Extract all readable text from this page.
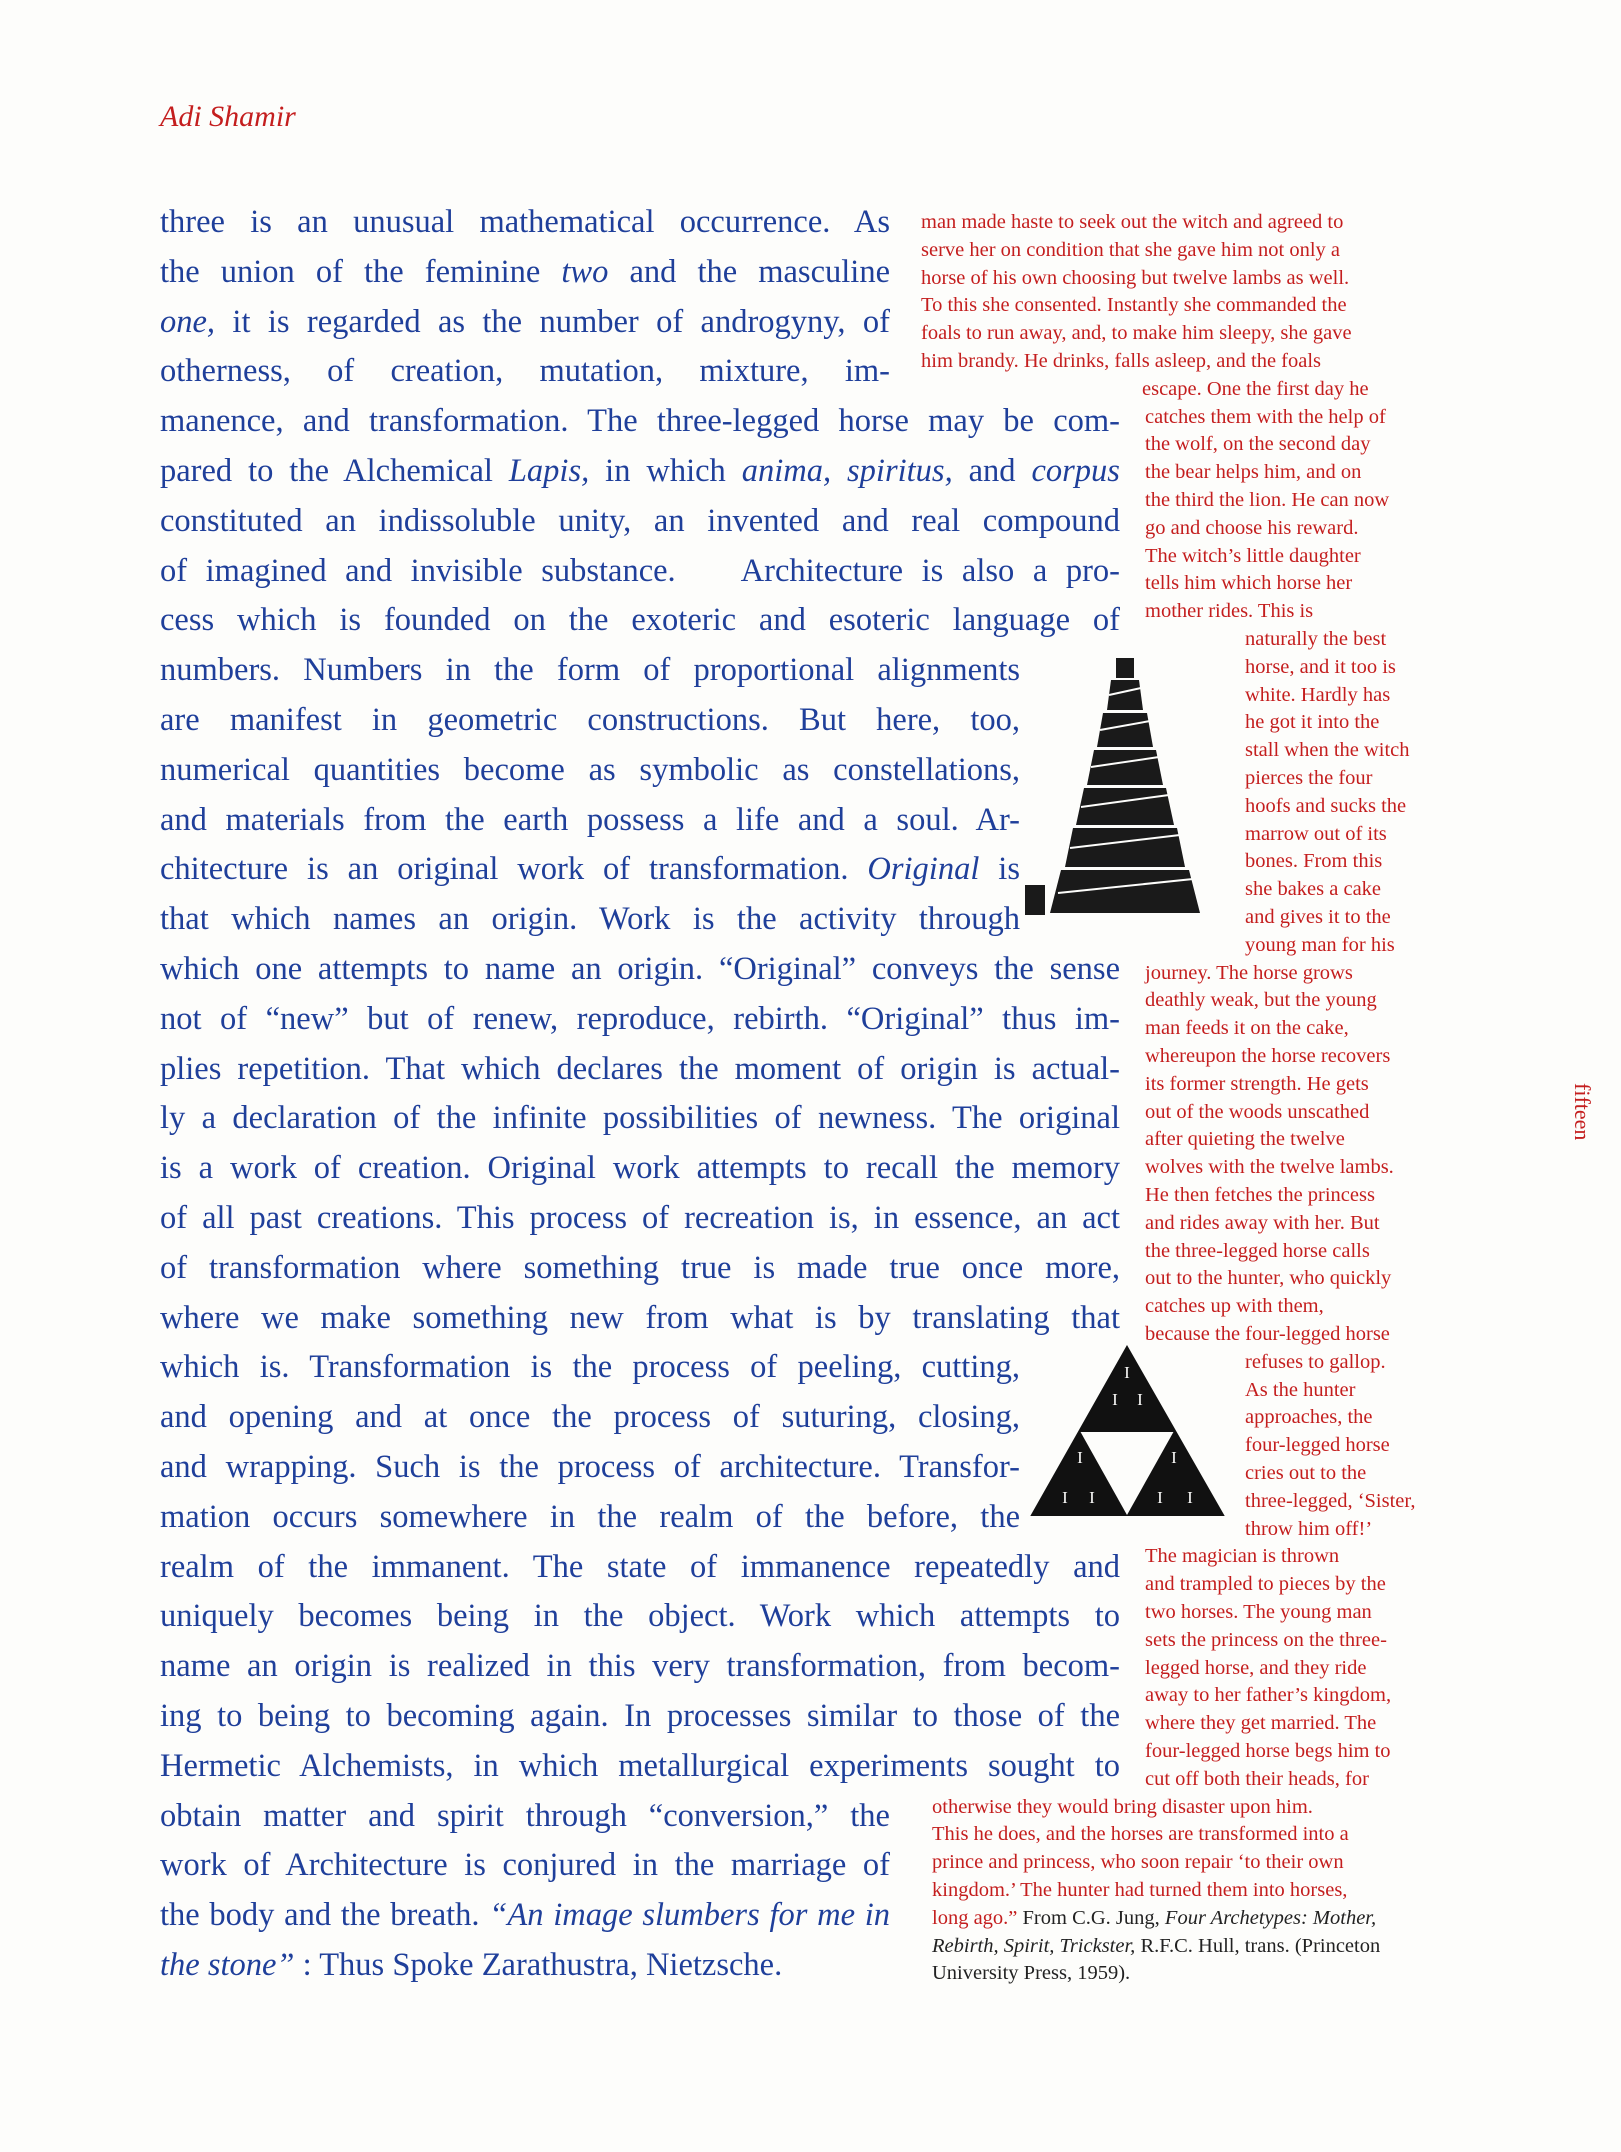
Adi Shamir
three is an unusual mathematical occurrence. As
the union of the feminine two and the masculine
one, it is regarded as the number of androgyny, of
otherness, of creation, mutation, mixture, im-
manence, and transformation. The three-legged horse may be com-
pared to the Alchemical Lapis, in which anima, spiritus, and corpus
constituted an indissoluble unity, an invented and real compound
of imagined and invisible substance.  Architecture is also a pro-
cess which is founded on the exoteric and esoteric language of
numbers. Numbers in the form of proportional alignments
are manifest in geometric constructions. But here, too,
numerical quantities become as symbolic as constellations,
and materials from the earth possess a life and a soul. Ar-
chitecture is an original work of transformation. Original is
that which names an origin. Work is the activity through
which one attempts to name an origin. “Original” conveys the sense
not of “new” but of renew, reproduce, rebirth. “Original” thus im-
plies repetition. That which declares the moment of origin is actual-
ly a declaration of the infinite possibilities of newness. The original
is a work of creation. Original work attempts to recall the memory
of all past creations. This process of recreation is, in essence, an act
of transformation where something true is made true once more,
where we make something new from what is by translating that
which is. Transformation is the process of peeling, cutting,
and opening and at once the process of suturing, closing,
and wrapping. Such is the process of architecture. Transfor-
mation occurs somewhere in the realm of the before, the
realm of the immanent. The state of immanence repeatedly and
uniquely becomes being in the object. Work which attempts to
name an origin is realized in this very transformation, from becom-
ing to being to becoming again. In processes similar to those of the
Hermetic Alchemists, in which metallurgical experiments sought to
obtain matter and spirit through “conversion,” the
work of Architecture is conjured in the marriage of
the body and the breath. “An image slumbers for me in
the stone” : Thus Spoke Zarathustra, Nietzsche.
man made haste to seek out the witch and agreed to
serve her on condition that she gave him not only a
horse of his own choosing but twelve lambs as well.
To this she consented. Instantly she commanded the
foals to run away, and, to make him sleepy, she gave
him brandy. He drinks, falls asleep, and the foals
escape. One the first day he
catches them with the help of
the wolf, on the second day
the bear helps him, and on
the third the lion. He can now
go and choose his reward.
The witch’s little daughter
tells him which horse her
mother rides. This is
naturally the best
horse, and it too is
white. Hardly has
he got it into the
stall when the witch
pierces the four
hoofs and sucks the
marrow out of its
bones. From this
she bakes a cake
and gives it to the
young man for his
journey. The horse grows
deathly weak, but the young
man feeds it on the cake,
whereupon the horse recovers
its former strength. He gets
out of the woods unscathed
after quieting the twelve
wolves with the twelve lambs.
He then fetches the princess
and rides away with her. But
the three-legged horse calls
out to the hunter, who quickly
catches up with them,
because the four-legged horse
refuses to gallop.
As the hunter
approaches, the
four-legged horse
cries out to the
three-legged, ‘Sister,
throw him off!’
The magician is thrown
and trampled to pieces by the
two horses. The young man
sets the princess on the three-
legged horse, and they ride
away to her father’s kingdom,
where they get married. The
four-legged horse begs him to
cut off both their heads, for
otherwise they would bring disaster upon him.
This he does, and the horses are transformed into a
prince and princess, who soon repair ‘to their own
kingdom.’ The hunter had turned them into horses,
long ago.” From C.G. Jung, Four Archetypes: Mother,
Rebirth, Spirit, Trickster, R.F.C. Hull, trans. (Princeton
University Press, 1959).
I
I I
I
I I
I
I I
fifteen
